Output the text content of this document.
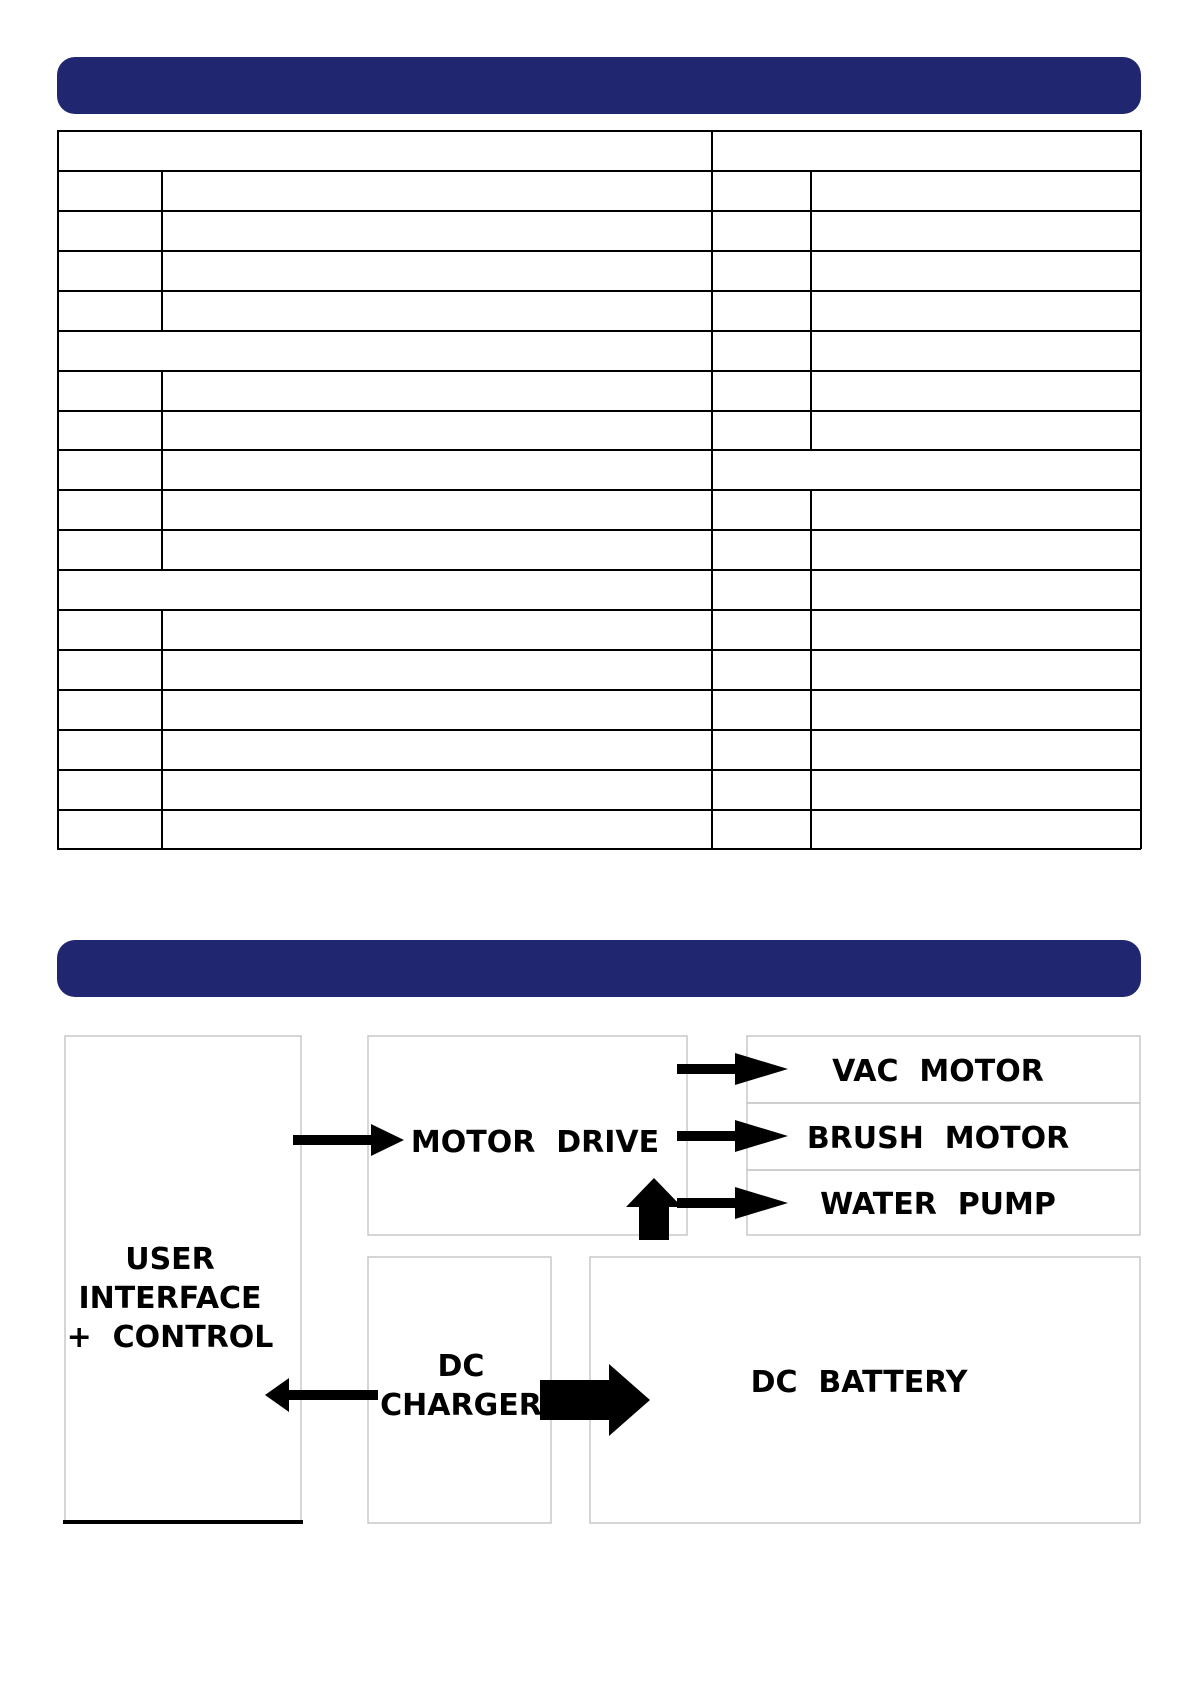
USER
INTERFACE
+  CONTROL
MOTOR  DRIVE
VAC  MOTOR
BRUSH  MOTOR
WATER  PUMP
DC
CHARGER
DC  BATTERY
